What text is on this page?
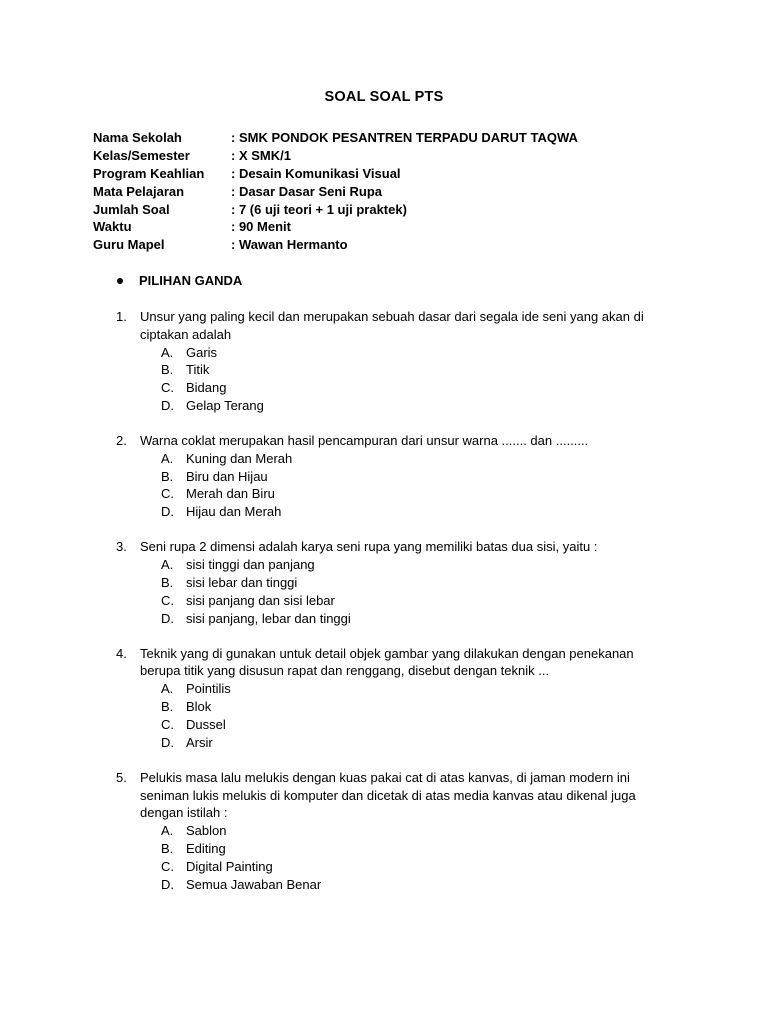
SOAL SOAL PTS
Nama Sekolah	: SMK PONDOK PESANTREN TERPADU DARUT TAQWA
Kelas/Semester	: X SMK/1
Program Keahlian	: Desain Komunikasi Visual
Mata Pelajaran	: Dasar Dasar Seni Rupa
Jumlah Soal	: 7 (6 uji teori + 1 uji praktek)
Waktu	: 90 Menit
Guru Mapel	: Wawan Hermanto
PILIHAN GANDA
1.	Unsur yang paling kecil dan merupakan sebuah dasar dari segala ide seni yang akan di ciptakan adalah
A. Garis
B. Titik
C. Bidang
D. Gelap Terang
2.	Warna coklat merupakan hasil pencampuran dari unsur warna ....... dan .........
A. Kuning dan Merah
B. Biru dan Hijau
C. Merah dan Biru
D. Hijau dan Merah
3.	Seni rupa 2 dimensi adalah karya seni rupa yang memiliki batas dua sisi, yaitu :
A. sisi tinggi dan panjang
B. sisi lebar dan tinggi
C. sisi panjang dan sisi lebar
D. sisi panjang, lebar dan tinggi
4.	Teknik yang di gunakan untuk detail objek gambar yang dilakukan dengan penekanan berupa titik yang disusun rapat dan renggang, disebut dengan teknik ...
A. Pointilis
B. Blok
C. Dussel
D. Arsir
5.	Pelukis masa lalu melukis dengan kuas pakai cat di atas kanvas, di jaman modern ini seniman lukis melukis di komputer dan dicetak di atas media kanvas atau dikenal juga dengan istilah :
A. Sablon
B. Editing
C. Digital Painting
D. Semua Jawaban Benar
